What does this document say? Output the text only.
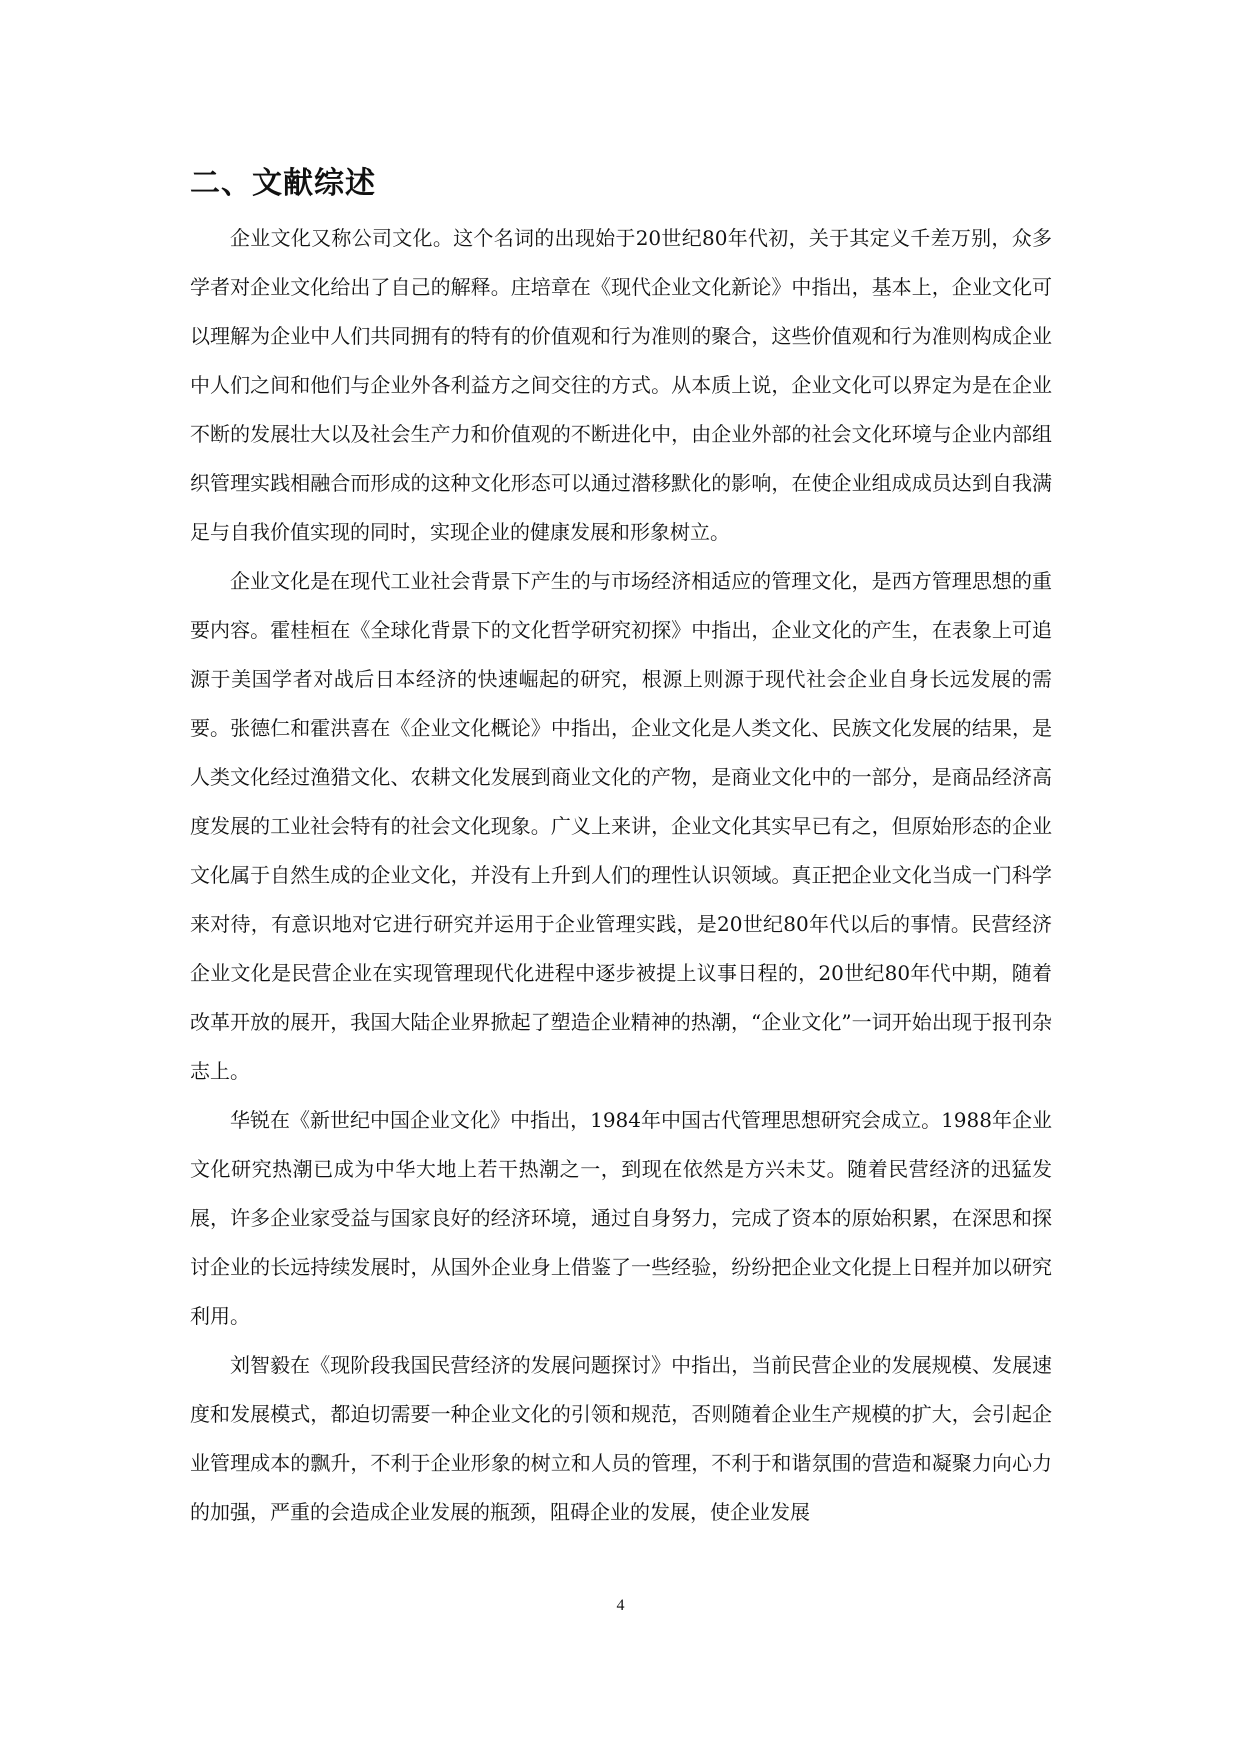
二、文献综述

企业文化又称公司文化。这个名词的出现始于20世纪80年代初，关于其定义千差万别，众多学者对企业文化给出了自己的解释。庄培章在《现代企业文化新论》中指出，基本上，企业文化可以理解为企业中人们共同拥有的特有的价值观和行为准则的聚合，这些价值观和行为准则构成企业中人们之间和他们与企业外各利益方之间交往的方式。从本质上说，企业文化可以界定为是在企业不断的发展壮大以及社会生产力和价值观的不断进化中，由企业外部的社会文化环境与企业内部组织管理实践相融合而形成的这种文化形态可以通过潜移默化的影响，在使企业组成成员达到自我满足与自我价值实现的同时，实现企业的健康发展和形象树立。

企业文化是在现代工业社会背景下产生的与市场经济相适应的管理文化，是西方管理思想的重要内容。霍桂桓在《全球化背景下的文化哲学研究初探》中指出，企业文化的产生，在表象上可追源于美国学者对战后日本经济的快速崛起的研究，根源上则源于现代社会企业自身长远发展的需要。张德仁和霍洪喜在《企业文化概论》中指出，企业文化是人类文化、民族文化发展的结果，是人类文化经过渔猎文化、农耕文化发展到商业文化的产物，是商业文化中的一部分，是商品经济高度发展的工业社会特有的社会文化现象。广义上来讲，企业文化其实早已有之，但原始形态的企业文化属于自然生成的企业文化，并没有上升到人们的理性认识领域。真正把企业文化当成一门科学来对待，有意识地对它进行研究并运用于企业管理实践，是20世纪80年代以后的事情。民营经济企业文化是民营企业在实现管理现代化进程中逐步被提上议事日程的，20世纪80年代中期，随着改革开放的展开，我国大陆企业界掀起了塑造企业精神的热潮，“企业文化”一词开始出现于报刊杂志上。

华锐在《新世纪中国企业文化》中指出，1984年中国古代管理思想研究会成立。1988年企业文化研究热潮已成为中华大地上若干热潮之一，到现在依然是方兴未艾。随着民营经济的迅猛发展，许多企业家受益与国家良好的经济环境，通过自身努力，完成了资本的原始积累，在深思和探讨企业的长远持续发展时，从国外企业身上借鉴了一些经验，纷纷把企业文化提上日程并加以研究利用。

刘智毅在《现阶段我国民营经济的发展问题探讨》中指出，当前民营企业的发展规模、发展速度和发展模式，都迫切需要一种企业文化的引领和规范，否则随着企业生产规模的扩大，会引起企业管理成本的飘升，不利于企业形象的树立和人员的管理，不利于和谐氛围的营造和凝聚力向心力的加强，严重的会造成企业发展的瓶颈，阻碍企业的发展，使企业发展

4
